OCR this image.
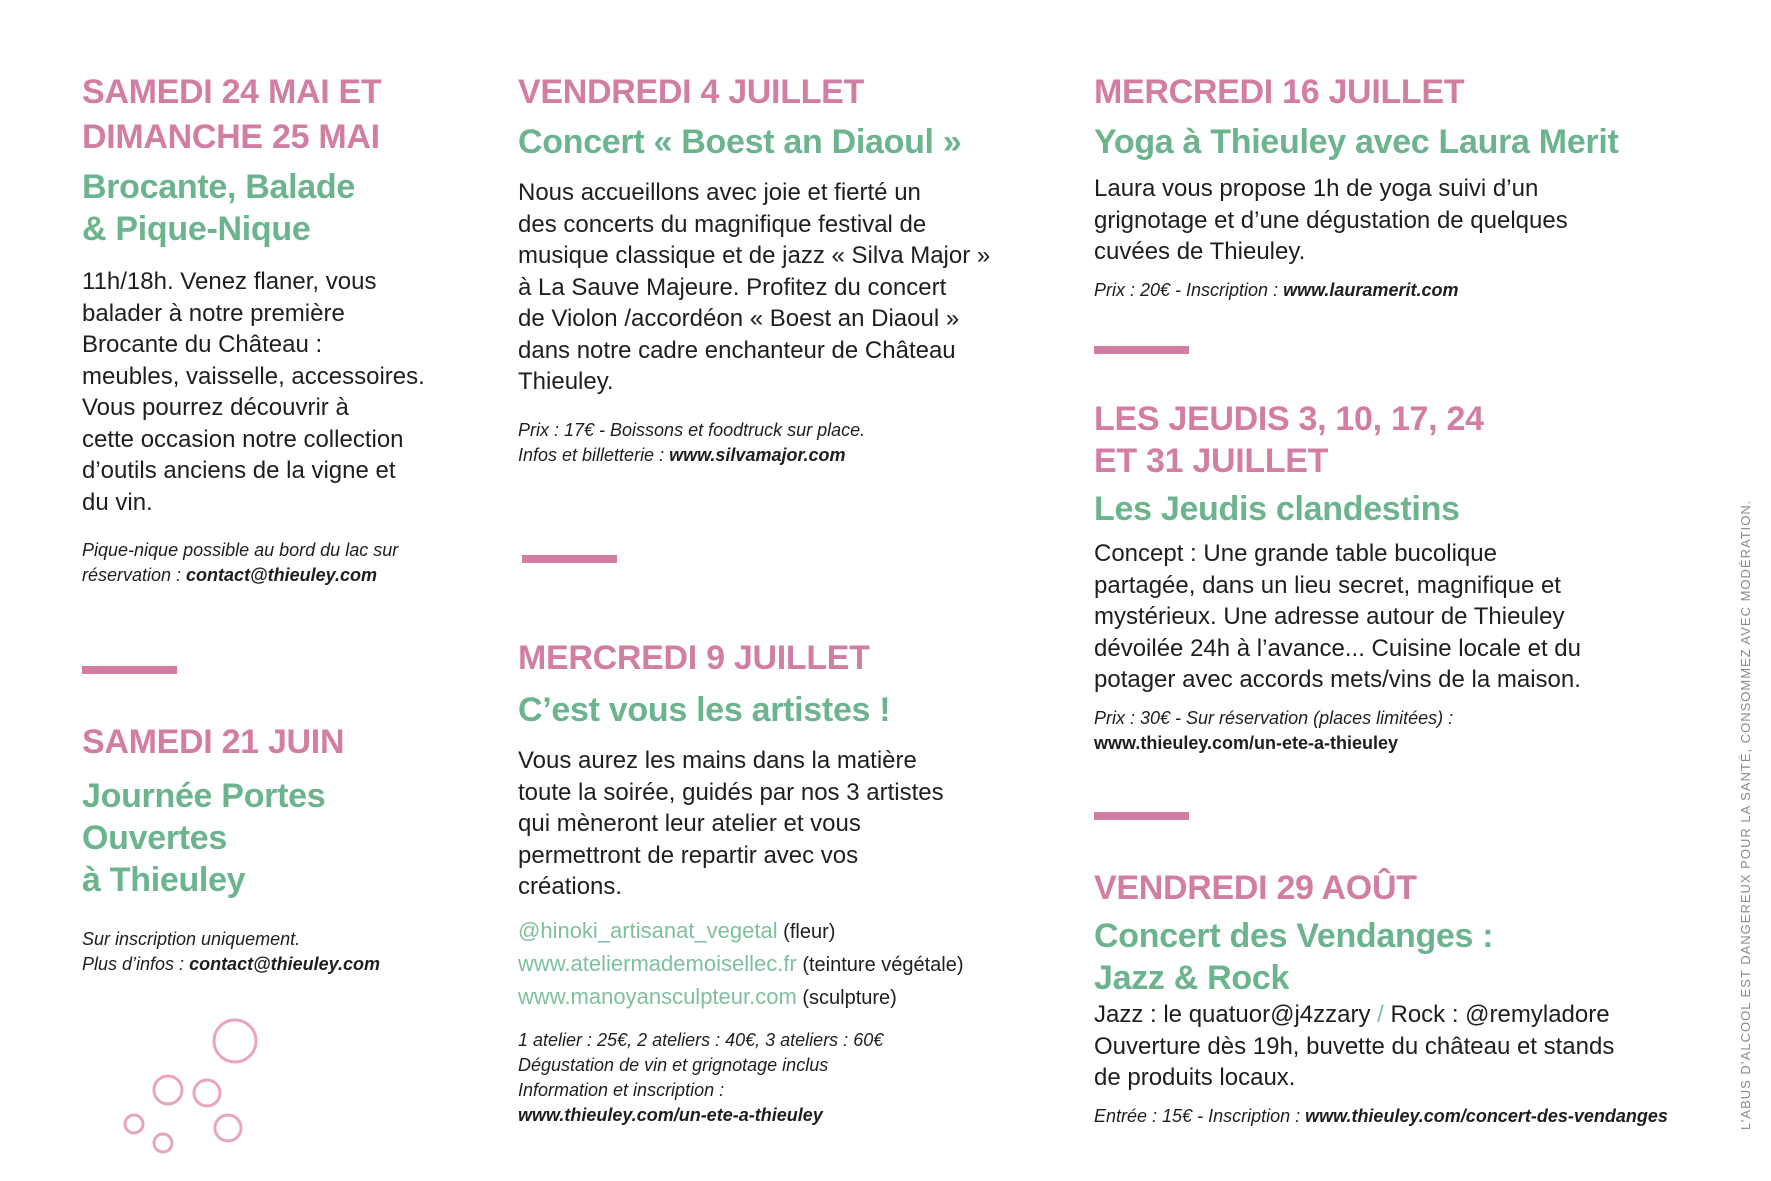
SAMEDI 24 MAI ET
DIMANCHE 25 MAI
Brocante, Balade
& Pique-Nique
11h/18h. Venez flaner, vous
balader à notre première
Brocante du Château :
meubles, vaisselle, accessoires.
Vous pourrez découvrir à
cette occasion notre collection
d’outils anciens de la vigne et
du vin.
Pique-nique possible au bord du lac sur
réservation : contact@thieuley.com
SAMEDI 21 JUIN
Journée Portes
Ouvertes
à Thieuley
Sur inscription uniquement.
Plus d’infos : contact@thieuley.com
VENDREDI 4 JUILLET
Concert « Boest an Diaoul »
Nous accueillons avec joie et fierté un
des concerts du magnifique festival de
musique classique et de jazz « Silva Major »
à La Sauve Majeure. Profitez du concert
de Violon /accordéon « Boest an Diaoul »
dans notre cadre enchanteur de Château
Thieuley.
Prix : 17€ - Boissons et foodtruck sur place.
Infos et billetterie : www.silvamajor.com
MERCREDI 9 JUILLET
C’est vous les artistes !
Vous aurez les mains dans la matière
toute la soirée, guidés par nos 3 artistes
qui mèneront leur atelier et vous
permettront de repartir avec vos
créations.
@hinoki_artisanat_vegetal (fleur)
www.ateliermademoisellec.fr (teinture végétale)
www.manoyansculpteur.com (sculpture)
1 atelier : 25€, 2 ateliers : 40€, 3 ateliers : 60€
Dégustation de vin et grignotage inclus
Information et inscription :
www.thieuley.com/un-ete-a-thieuley
MERCREDI 16 JUILLET
Yoga à Thieuley avec Laura Merit
Laura vous propose 1h de yoga suivi d’un
grignotage et d’une dégustation de quelques
cuvées de Thieuley.
Prix : 20€ - Inscription : www.lauramerit.com
LES JEUDIS 3, 10, 17, 24
ET 31 JUILLET
Les Jeudis clandestins
Concept : Une grande table bucolique
partagée, dans un lieu secret, magnifique et
mystérieux. Une adresse autour de Thieuley
dévoilée 24h à l’avance... Cuisine locale et du
potager avec accords mets/vins de la maison.
Prix : 30€ - Sur réservation (places limitées) :
www.thieuley.com/un-ete-a-thieuley
VENDREDI 29 AOÛT
Concert des Vendanges :
Jazz & Rock
Jazz : le quatuor@j4zzary / Rock : @remyladore
Ouverture dès 19h, buvette du château et stands
de produits locaux.
Entrée : 15€ - Inscription : www.thieuley.com/concert-des-vendanges	L’ABUS D’ALCOOL EST DANGEREUX POUR LA SANTÉ, CONSOMMEZ AVEC MODÉRATION.
